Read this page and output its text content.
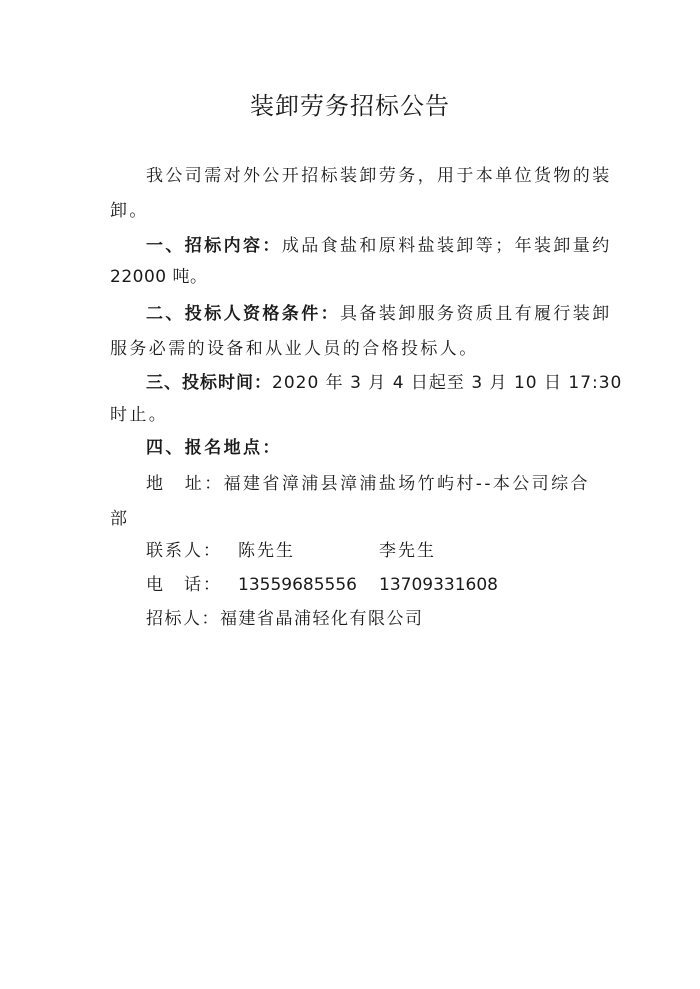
装卸劳务招标公告
我公司需对外公开招标装卸劳务，用于本单位货物的装
卸。
一、招标内容：成品食盐和原料盐装卸等；年装卸量约
22000 吨。
二、投标人资格条件：具备装卸服务资质且有履行装卸
服务必需的设备和从业人员的合格投标人。
三、投标时间：2020 年 3 月 4 日起至 3 月 10 日 17:30
时止。
四、报名地点：
地　址：福建省漳浦县漳浦盐场竹屿村--本公司综合
部
联系人： 陈先生	李先生
电　话： 13559685556 13709331608
招标人：福建省晶浦轻化有限公司
